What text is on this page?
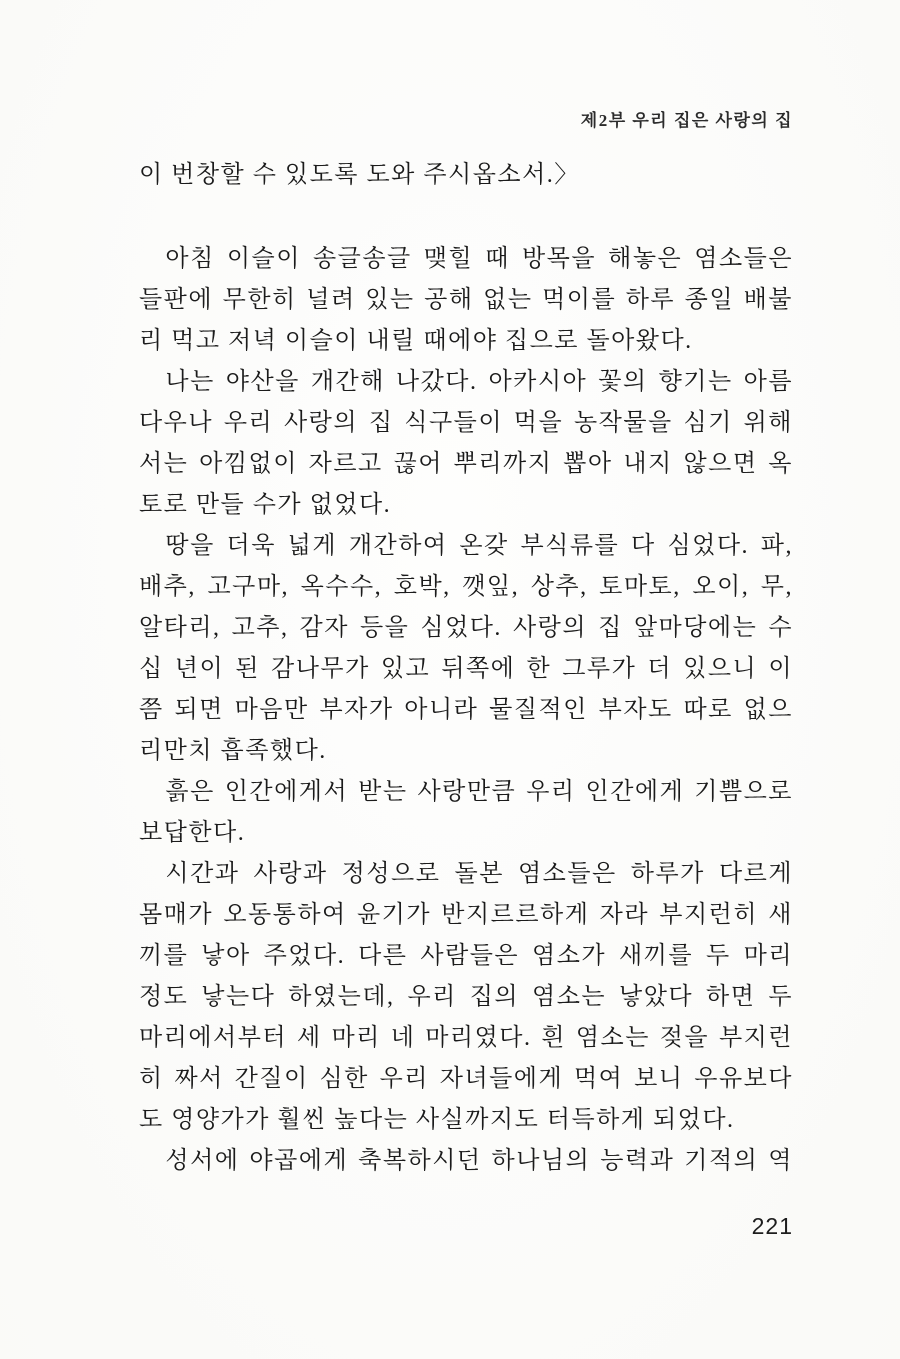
제2부 우리 집은 사랑의 집
이 번창할 수 있도록 도와 주시옵소서.〉
아침 이슬이 송글송글 맺힐 때 방목을 해놓은 염소들은
들판에 무한히 널려 있는 공해 없는 먹이를 하루 종일 배불
리 먹고 저녁 이슬이 내릴 때에야 집으로 돌아왔다.
나는 야산을 개간해 나갔다. 아카시아 꽃의 향기는 아름
다우나 우리 사랑의 집 식구들이 먹을 농작물을 심기 위해
서는 아낌없이 자르고 끊어 뿌리까지 뽑아 내지 않으면 옥
토로 만들 수가 없었다.
땅을 더욱 넓게 개간하여 온갖 부식류를 다 심었다. 파,
배추, 고구마, 옥수수, 호박, 깻잎, 상추, 토마토, 오이, 무,
알타리, 고추, 감자 등을 심었다. 사랑의 집 앞마당에는 수
십 년이 된 감나무가 있고 뒤쪽에 한 그루가 더 있으니 이
쯤 되면 마음만 부자가 아니라 물질적인 부자도 따로 없으
리만치 흡족했다.
흙은 인간에게서 받는 사랑만큼 우리 인간에게 기쁨으로
보답한다.
시간과 사랑과 정성으로 돌본 염소들은 하루가 다르게
몸매가 오동통하여 윤기가 반지르르하게 자라 부지런히 새
끼를 낳아 주었다. 다른 사람들은 염소가 새끼를 두 마리
정도 낳는다 하였는데, 우리 집의 염소는 낳았다 하면 두
마리에서부터 세 마리 네 마리였다. 흰 염소는 젖을 부지런
히 짜서 간질이 심한 우리 자녀들에게 먹여 보니 우유보다
도 영양가가 훨씬 높다는 사실까지도 터득하게 되었다.
성서에 야곱에게 축복하시던 하나님의 능력과 기적의 역
221
